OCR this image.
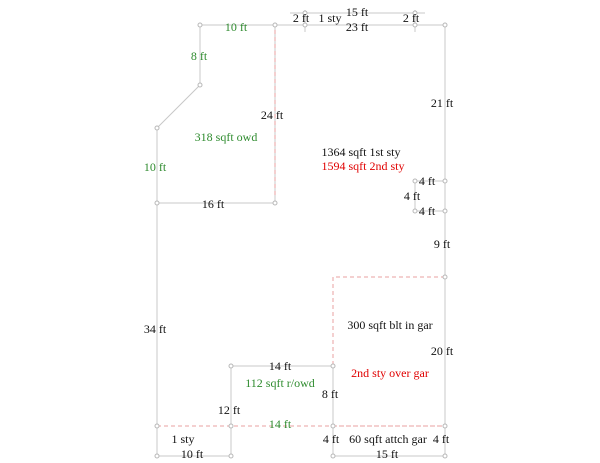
2 ft 1 sty 15 ft	2 ft
23 ft
10 ft
8 ft
24 ft
10 ft
16 ft
21 ft
4 ft
4 ft
4 ft
9 ft
34 ft
20 ft
14 ft
8 ft
12 ft
14 ft
1 sty
10 ft
4 ft	4 ft
15 ft
318 sqft owd
1364 sqft 1st sty
1594 sqft 2nd sty
300 sqft blt in gar
2nd sty over gar
112 sqft r/owd
60 sqft attch gar
